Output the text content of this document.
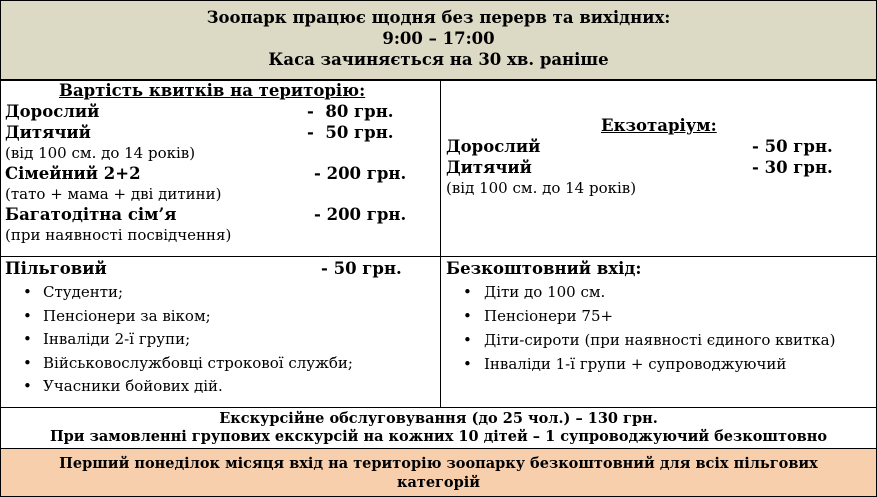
Зоопарк працює щодня без перерв та вихідних:
9:00 – 17:00
Каса зачиняється на 30 хв. раніше
Вартість квитків на територію:
Дорослий	-  80 грн.
Дитячий	-  50 грн.
(від 100 см. до 14 років)
Сімейний 2+2	- 200 грн.
(тато + мама + дві дитини)
Багатодітна сім’я	- 200 грн.
(при наявності посвідчення)
Екзотаріум:
Дорослий	- 50 грн.
Дитячий	- 30 грн.
(від 100 см. до 14 років)
Пільговий	- 50 грн.
• Студенти;
• Пенсіонери за віком;
• Інваліди 2-ї групи;
• Військовослужбовці строкової служби;
• Учасники бойових дій.
Безкоштовний вхід:
• Діти до 100 см.
• Пенсіонери 75+
• Діти-сироти (при наявності єдиного квитка)
• Інваліди 1-ї групи + супроводжуючий
Екскурсійне обслуговування (до 25 чол.) – 130 грн.
При замовленні групових екскурсій на кожних 10 дітей – 1 супроводжуючий безкоштовно
Перший понеділок місяця вхід на територію зоопарку безкоштовний для всіх пільгових категорій
